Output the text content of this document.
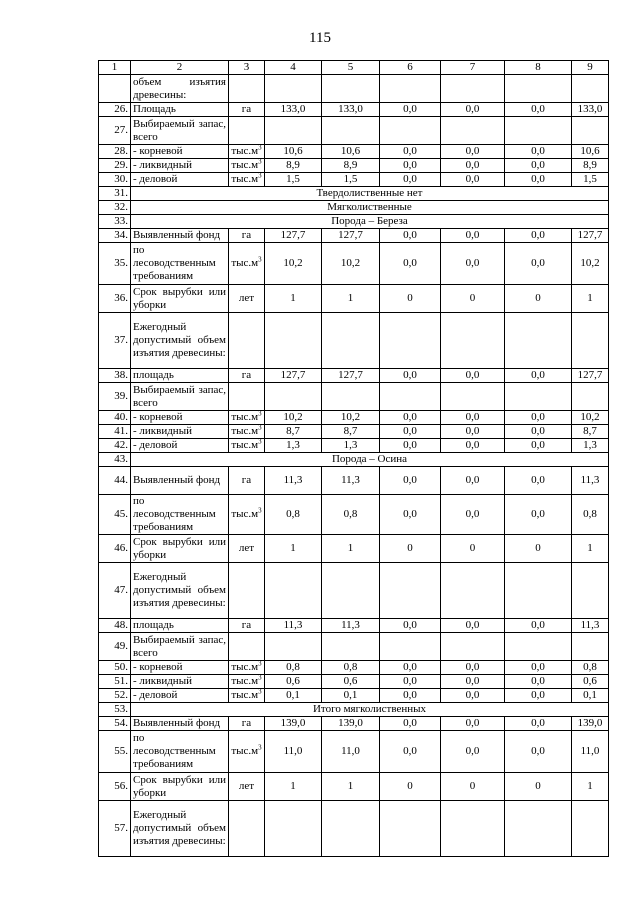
115
1	2	3	4	5	6	7	8	9
	объем изъятия древесины:							
26.	Площадь	га	133,0	133,0	0,0	0,0	0,0	133,0
27.	Выбираемый запас, всего							
28.	- корневой	$тыс.м^3$	10,6	10,6	0,0	0,0	0,0	10,6
29.	- ликвидный	$тыс.м^3$	8,9	8,9	0,0	0,0	0,0	8,9
30.	- деловой	$тыс.м^3$	1,5	1,5	0,0	0,0	0,0	1,5
31.	Твердолиственные нет							
32.	Мягколиственные							
33.	Порода – Береза							
34.	Выявленный фонд	га	127,7	127,7	0,0	0,0	0,0	127,7
35.	по лесоводственным требованиям	$тыс.м^3$	10,2	10,2	0,0	0,0	0,0	10,2
36.	Срок вырубки или уборки	лет	1	1	0	0	0	1
37.	Ежегодный допустимый объем изъятия древесины:							
38.	площадь	га	127,7	127,7	0,0	0,0	0,0	127,7
39.	Выбираемый запас, всего							
40.	- корневой	$тыс.м^3$	10,2	10,2	0,0	0,0	0,0	10,2
41.	- ликвидный	$тыс.м^3$	8,7	8,7	0,0	0,0	0,0	8,7
42.	- деловой	$тыс.м^3$	1,3	1,3	0,0	0,0	0,0	1,3
43.	Порода – Осина							
44.	Выявленный фонд	га	11,3	11,3	0,0	0,0	0,0	11,3
45.	по лесоводственным требованиям	$тыс.м^3$	0,8	0,8	0,0	0,0	0,0	0,8
46.	Срок вырубки или уборки	лет	1	1	0	0	0	1
47.	Ежегодный допустимый объем изъятия древесины:							
48.	площадь	га	11,3	11,3	0,0	0,0	0,0	11,3
49.	Выбираемый запас, всего							
50.	- корневой	$тыс.м^3$	0,8	0,8	0,0	0,0	0,0	0,8
51.	- ликвидный	$тыс.м^3$	0,6	0,6	0,0	0,0	0,0	0,6
52.	- деловой	$тыс.м^3$	0,1	0,1	0,0	0,0	0,0	0,1
53.	Итого мягколиственных							
54.	Выявленный фонд	га	139,0	139,0	0,0	0,0	0,0	139,0
55.	по лесоводственным требованиям	$тыс.м^3$	11,0	11,0	0,0	0,0	0,0	11,0
56.	Срок вырубки или уборки	лет	1	1	0	0	0	1
57.	Ежегодный допустимый объем изъятия древесины:							
